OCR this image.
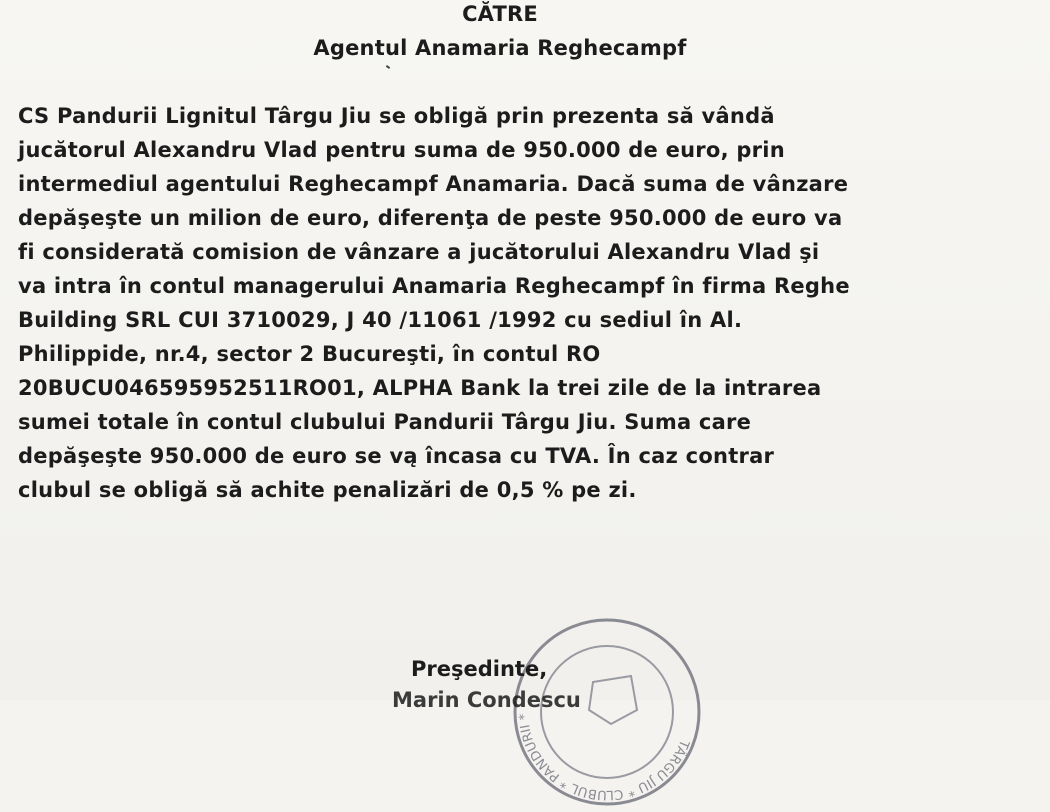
CĂTRE
Agentul Anamaria Reghecampf

CS Pandurii Lignitul Târgu Jiu se obligă prin prezenta să vândă
jucătorul Alexandru Vlad pentru suma de 950.000 de euro, prin
intermediul agentului Reghecampf Anamaria. Dacă suma de vânzare
depăşeşte un milion de euro, diferenţa de peste 950.000 de euro va
fi considerată comision de vânzare a jucătorului Alexandru Vlad şi
va intra în contul managerului Anamaria Reghecampf în firma Reghe
Building SRL CUI 3710029, J 40 /11061 /1992 cu sediul în Al.
Philippide, nr.4, sector 2 Bucureşti, în contul RO
20BUCU046595952511RO01, ALPHA Bank la trei zile de la intrarea
sumei totale în contul clubului Pandurii Târgu Jiu. Suma care
depăşeşte 950.000 de euro se vą încasa cu TVA. În caz contrar
clubul se obligă să achite penalizări de 0,5 % pe zi.

TÂRGU JIU * CLUBUL * PANDURII *
Preşedinte,
Marin Condescu
